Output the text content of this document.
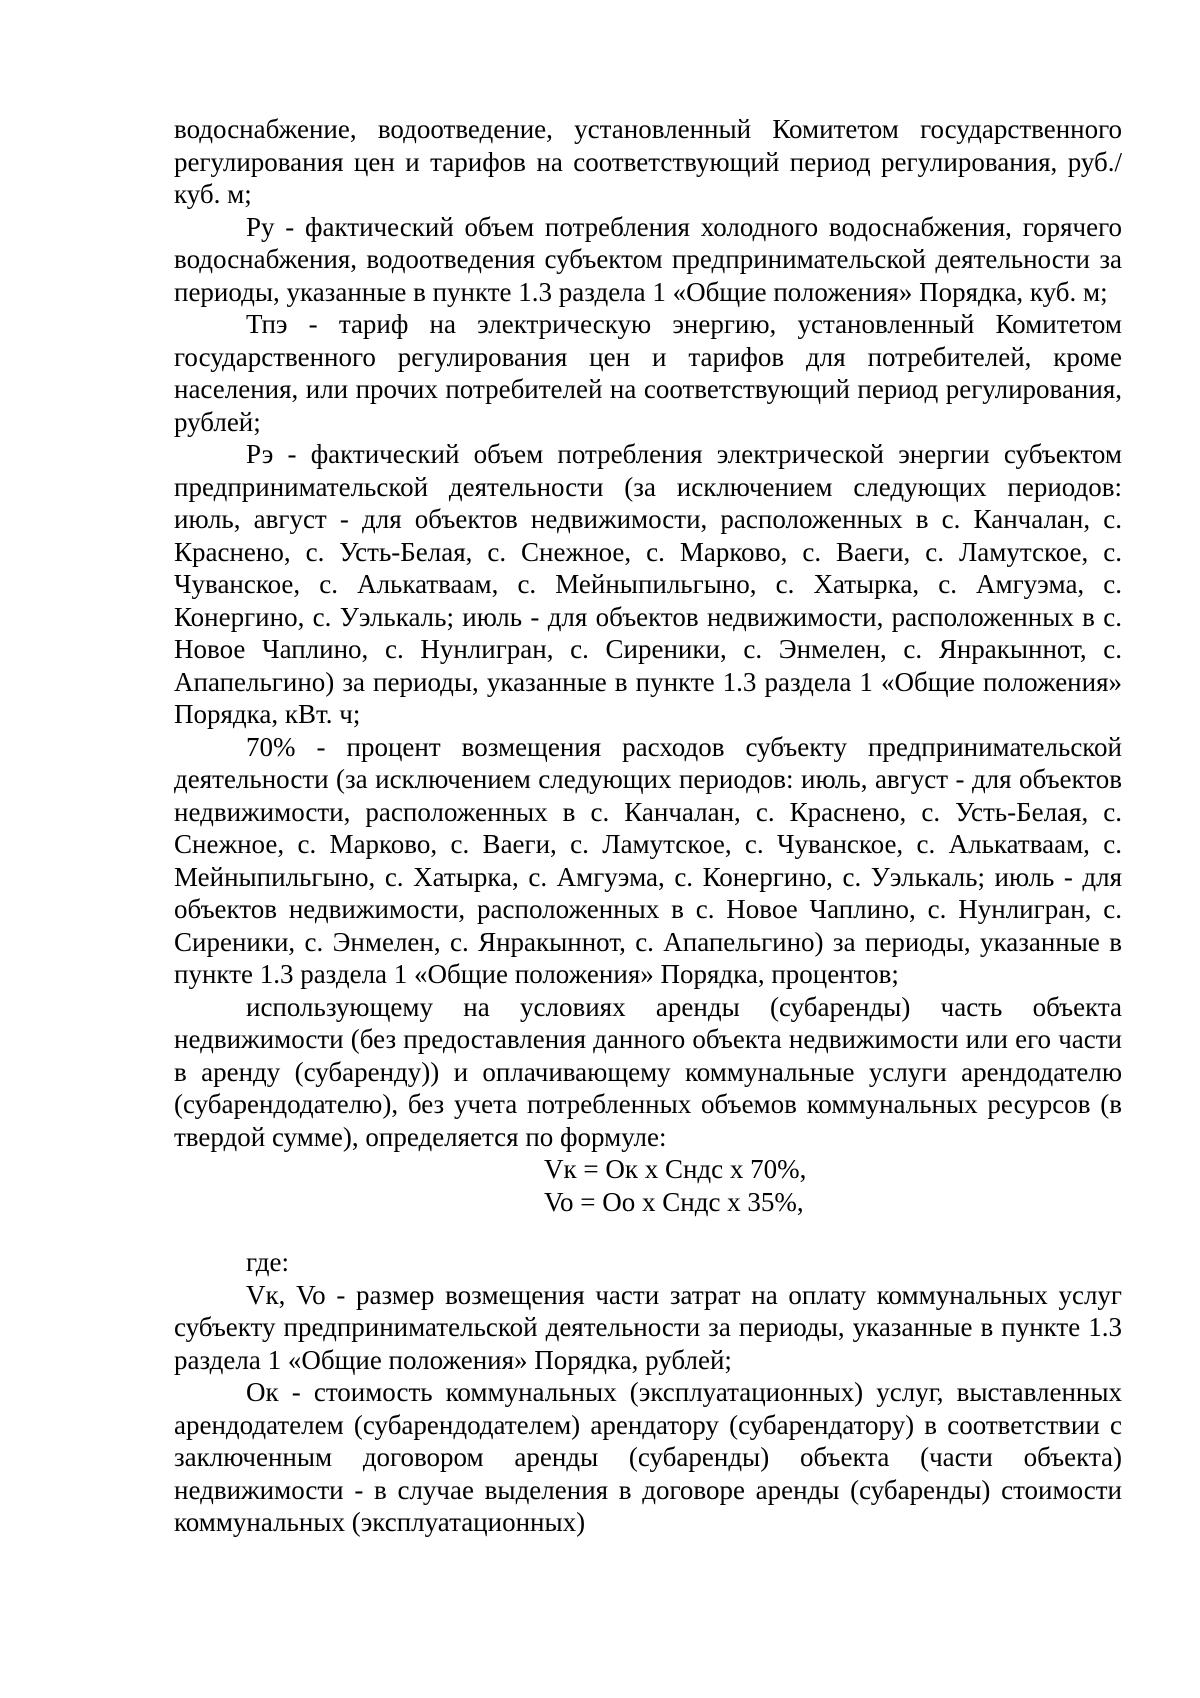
водоснабжение, водоотведение, установленный Комитетом государственного регулирования цен и тарифов на соответствующий период регулирования, руб./куб. м;

Ру - фактический объем потребления холодного водоснабжения, горячего водоснабжения, водоотведения субъектом предпринимательской деятельности за периоды, указанные в пункте 1.3 раздела 1 «Общие положения» Порядка, куб. м;

Тпэ - тариф на электрическую энергию, установленный Комитетом государственного регулирования цен и тарифов для потребителей, кроме населения, или прочих потребителей на соответствующий период регулирования, рублей;

Рэ - фактический объем потребления электрической энергии субъектом предпринимательской деятельности (за исключением следующих периодов: июль, август - для объектов недвижимости, расположенных в с. Канчалан, с. Краснено, с. Усть-Белая, с. Снежное, с. Марково, с. Ваеги, с. Ламутское, с. Чуванское, с. Алькатваам, с. Мейныпильгыно, с. Хатырка, с. Амгуэма, с. Конергино, с. Уэлькаль; июль - для объектов недвижимости, расположенных в с. Новое Чаплино, с. Нунлигран, с. Сиреники, с. Энмелен, с. Янракыннот, с. Апапельгино) за периоды, указанные в пункте 1.3 раздела 1 «Общие положения» Порядка, кВт. ч;

70% - процент возмещения расходов субъекту предпринимательской деятельности (за исключением следующих периодов: июль, август - для объектов недвижимости, расположенных в с. Канчалан, с. Краснено, с. Усть-Белая, с. Снежное, с. Марково, с. Ваеги, с. Ламутское, с. Чуванское, с. Алькатваам, с. Мейныпильгыно, с. Хатырка, с. Амгуэма, с. Конергино, с. Уэлькаль; июль - для объектов недвижимости, расположенных в с. Новое Чаплино, с. Нунлигран, с. Сиреники, с. Энмелен, с. Янракыннот, с. Апапельгино) за периоды, указанные в пункте 1.3 раздела 1 «Общие положения» Порядка, процентов;

использующему на условиях аренды (субаренды) часть объекта недвижимости (без предоставления данного объекта недвижимости или его части в аренду (субаренду)) и оплачивающему коммунальные услуги арендодателю (субарендодателю), без учета потребленных объемов коммунальных ресурсов (в твердой сумме), определяется по формуле:

Vк = Oк x Cндс x 70%,

Vo = Oo x Cндс x 35%,

где:

Vк, Vo - размер возмещения части затрат на оплату коммунальных услуг субъекту предпринимательской деятельности за периоды, указанные в пункте 1.3 раздела 1 «Общие положения» Порядка, рублей;

Ок - стоимость коммунальных (эксплуатационных) услуг, выставленных арендодателем (субарендодателем) арендатору (субарендатору) в соответствии с заключенным договором аренды (субаренды) объекта (части объекта) недвижимости - в случае выделения в договоре аренды (субаренды) стоимости коммунальных (эксплуатационных)
